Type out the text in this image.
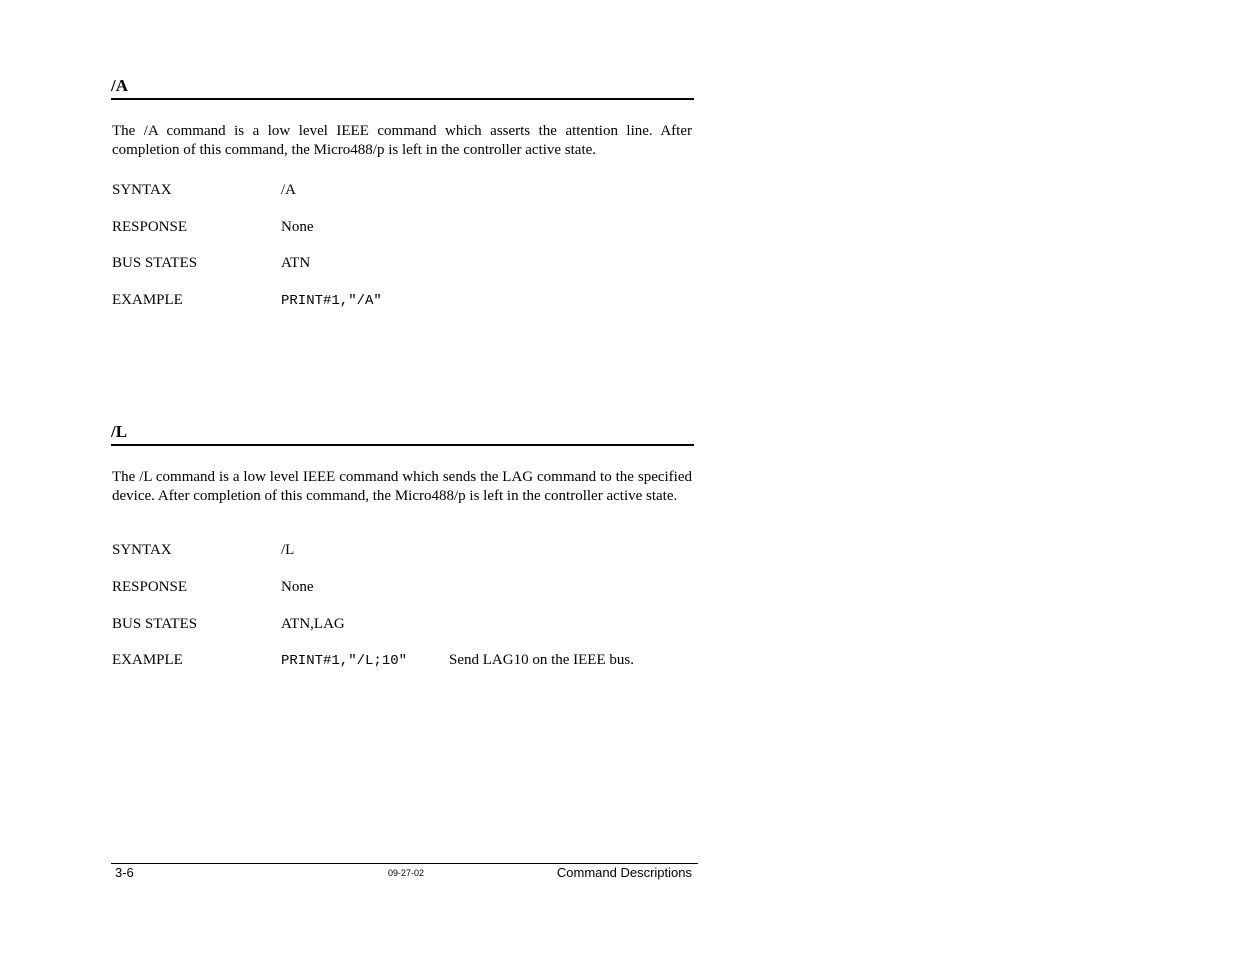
/A
The /A command is a low level IEEE command which asserts the attention line. After completion of this command, the Micro488/p is left in the controller active state.
SYNTAX	/A
RESPONSE	None
BUS STATES	ATN
EXAMPLE	PRINT#1,"/A"
/L
The /L command is a low level IEEE command which sends the LAG command to the specified device. After completion of this command, the Micro488/p is left in the controller active state.
SYNTAX	/L
RESPONSE	None
BUS STATES	ATN,LAG
EXAMPLE	PRINT#1,"/L;10"	Send LAG10 on the IEEE bus.
3-6	09-27-02	Command Descriptions
